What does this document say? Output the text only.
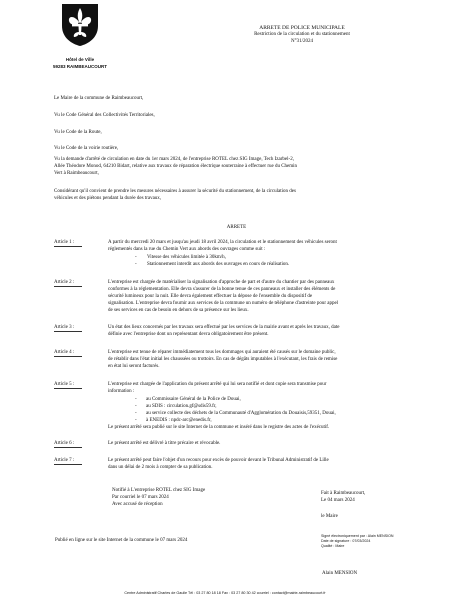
Hôtel de Ville
59283 RAIMBEAUCOURT
ARRETE DE POLICE MUNICIPALE
Restriction de la circulation et du stationnement
N°31/2024
Le Maire de la commune de Raimbeaucourt,
Vu le Code Général des Collectivités Territoriales,
Vu le Code de la Route,
Vu le Code de la voirie routière,
Vu la demande d'arrêté de circulation en date du 1er mars 2024, de l'entreprise ROTEL chez SIG Image, Tech Izarbel-2,
Allée Théodore Monod, 64210 Bidart, relative aux travaux de réparation électrique souterraine à effectuer rue du Chemin
Vert à Raimbeaucourt,
Considérant qu'il convient de prendre les mesures nécessaires à assurer la sécurité du stationnement, de la circulation des
véhicules et des piétons pendant la durée des travaux,
ARRETE
Article 1 :	A partir du mercredi 20 mars et jusqu'au jeudi 18 avril 2024, la circulation et le stationnement des véhicules seront
réglementés dans la rue du Chemin Vert aux abords des ouvrages comme suit :
- Vitesse des véhicules limitée à 30km/h,
- Stationnement interdit aux abords des ouvrages en cours de réalisation.
Article 2 :	L'entreprise est chargée de matérialiser la signalisation d'approche de part et d'autre du chantier par des panneaux
conformes à la réglementation. Elle devra s'assurer de la bonne tenue de ces panneaux et installer des éléments de
sécurité lumineux pour la nuit. Elle devra également effectuer la dépose de l'ensemble du dispositif de
signalisation. L'entreprise devra fournir aux services de la commune un numéro de téléphone d'astreinte pour appel
de ses services en cas de besoin en dehors de sa présence sur les lieux.
Article 3 :	Un état des lieux concernés par les travaux sera effectué par les services de la mairie avant et après les travaux, date
définie avec l'entreprise dont un représentant devra obligatoirement être présent.
Article 4 :	L'entreprise est tenue de réparer immédiatement tous les dommages qui auraient été causés sur le domaine public,
de rétablir dans l'état initial les chaussées ou trottoirs. En cas de dégâts imputables à l'exécutant, les frais de remise
en état lui seront facturés.
Article 5 :	L'entreprise est chargée de l'application du présent arrêté qui lui sera notifié et dont copie sera transmise pour
information :
- au Commissaire Général de la Police de Douai,
- au SDIS : circulation.gf@sdis59.fr,
- au service collecte des déchets de la Communauté d'Agglomération du Douaisis,59351, Douai,
- à ENEDIS : npdc-arc@enedis.fr,
Le présent arrêté sera publié sur le site Internet de la commune et inséré dans le registre des actes de l'exécutif.
Article 6 :	Le présent arrêté est délivré à titre précaire et révocable.
Article 7 :	Le présent arrêté peut faire l'objet d'un recours pour excès de pouvoir devant le Tribunal Administratif de Lille
dans un délai de 2 mois à compter de sa publication.
Notifié à L'entreprise ROTEL chez SIG Image
Par courriel le 07 mars 2024
Avec accusé de réception
Fait à Raimbeaucourt,
Le 04 mars 2024
le Maire
Signé électroniquement par : Alain MENSION
Date de signature : 07/03/2024
Qualité : Maire
Publié en ligne sur le site Internet de la commune le 07 mars 2024
Alain MENSION
Centre Administratif Charles de Gaulle Tél : 03 27 80 18 18 Fax : 03 27 80 30 42 courriel : contact@mairie-raimbeaucourt.fr
